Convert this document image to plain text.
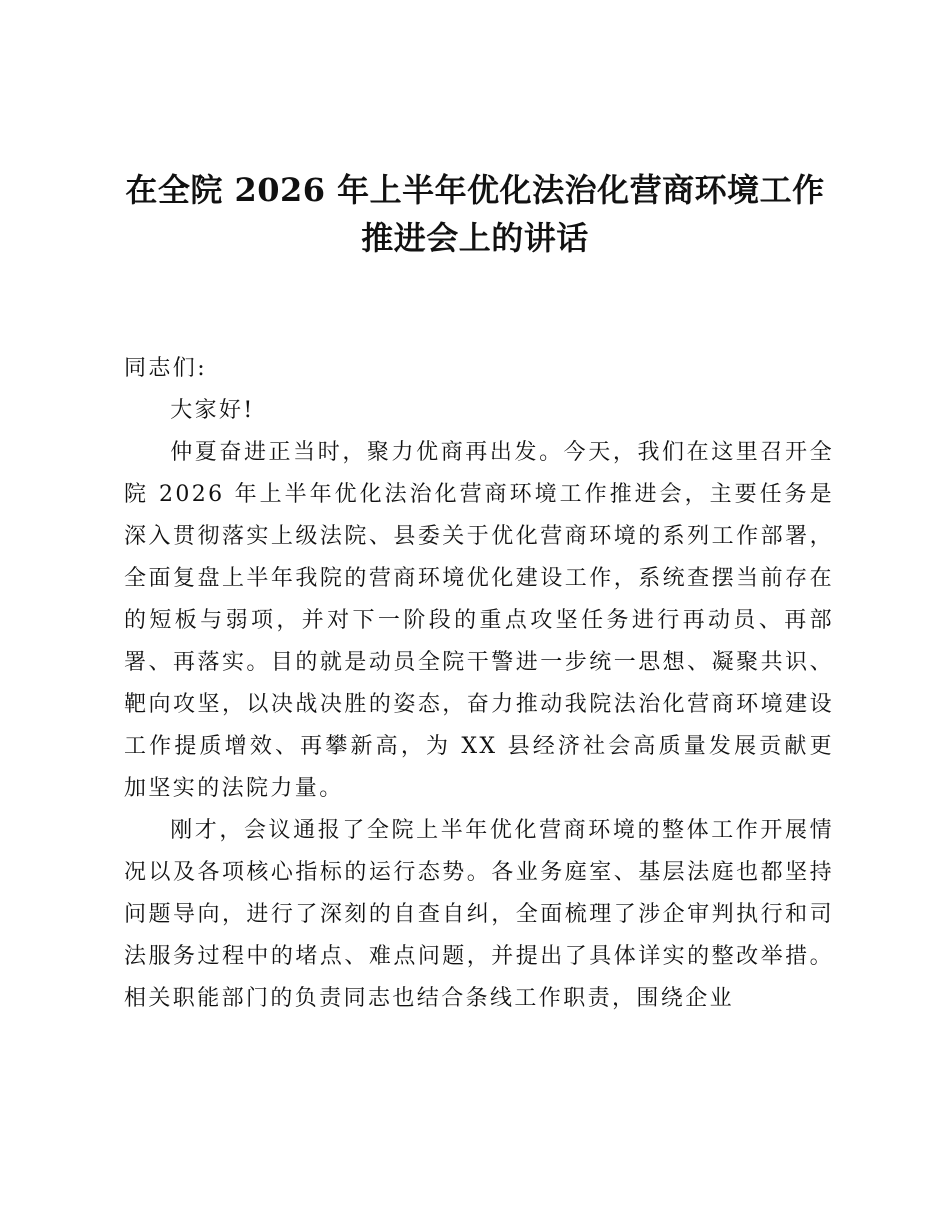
在全院 2026 年上半年优化法治化营商环境工作
推进会上的讲话

同志们:

大家好!

仲夏奋进正当时，聚力优商再出发。今天，我们在这里召开全院 2026 年上半年优化法治化营商环境工作推进会，主要任务是深入贯彻落实上级法院、县委关于优化营商环境的系列工作部署，全面复盘上半年我院的营商环境优化建设工作，系统查摆当前存在的短板与弱项，并对下一阶段的重点攻坚任务进行再动员、再部署、再落实。目的就是动员全院干警进一步统一思想、凝聚共识、靶向攻坚，以决战决胜的姿态，奋力推动我院法治化营商环境建设工作提质增效、再攀新高，为 XX 县经济社会高质量发展贡献更加坚实的法院力量。

刚才，会议通报了全院上半年优化营商环境的整体工作开展情况以及各项核心指标的运行态势。各业务庭室、基层法庭也都坚持问题导向，进行了深刻的自查自纠，全面梳理了涉企审判执行和司法服务过程中的堵点、难点问题，并提出了具体详实的整改举措。相关职能部门的负责同志也结合条线工作职责，围绕企业
